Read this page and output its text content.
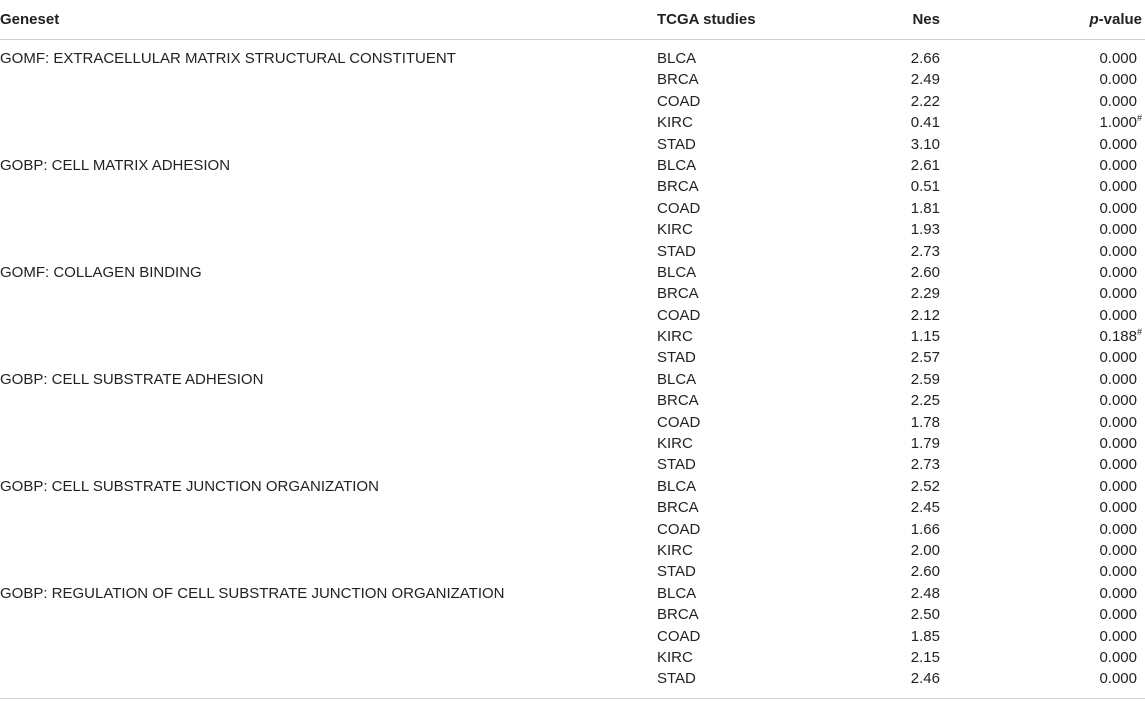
Geneset	TCGA studies	Nes	p-value
GOMF: EXTRACELLULAR MATRIX STRUCTURAL CONSTITUENT	BLCA	2.66	0.000
BRCA	2.49	0.000
COAD	2.22	0.000
KIRC	0.41	1.000#
STAD	3.10	0.000
GOBP: CELL MATRIX ADHESION	BLCA	2.61	0.000
BRCA	0.51	0.000
COAD	1.81	0.000
KIRC	1.93	0.000
STAD	2.73	0.000
GOMF: COLLAGEN BINDING	BLCA	2.60	0.000
BRCA	2.29	0.000
COAD	2.12	0.000
KIRC	1.15	0.188#
STAD	2.57	0.000
GOBP: CELL SUBSTRATE ADHESION	BLCA	2.59	0.000
BRCA	2.25	0.000
COAD	1.78	0.000
KIRC	1.79	0.000
STAD	2.73	0.000
GOBP: CELL SUBSTRATE JUNCTION ORGANIZATION	BLCA	2.52	0.000
BRCA	2.45	0.000
COAD	1.66	0.000
KIRC	2.00	0.000
STAD	2.60	0.000
GOBP: REGULATION OF CELL SUBSTRATE JUNCTION ORGANIZATION	BLCA	2.48	0.000
BRCA	2.50	0.000
COAD	1.85	0.000
KIRC	2.15	0.000
STAD	2.46	0.000
